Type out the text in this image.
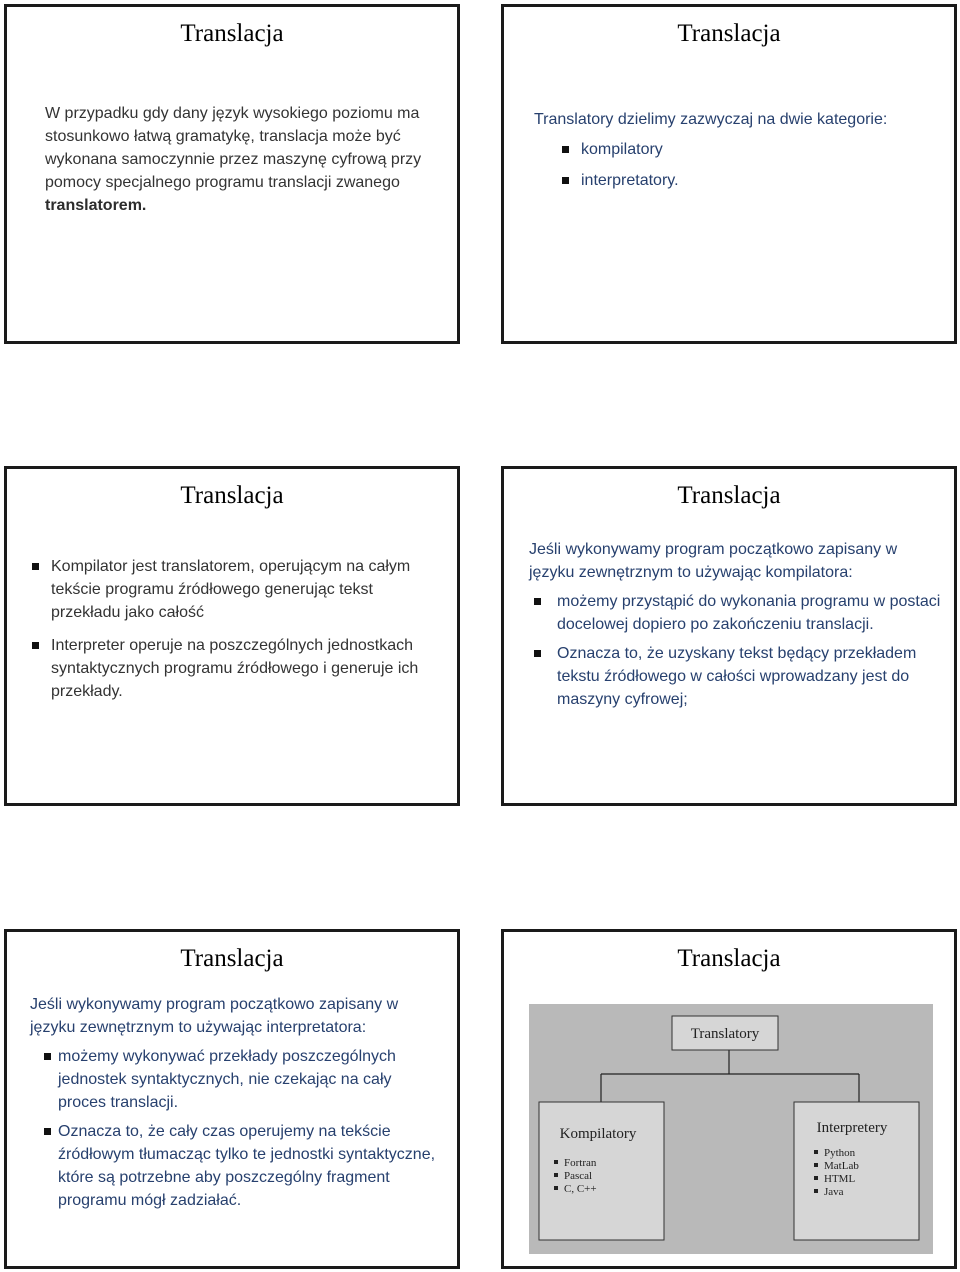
Translacja

W przypadku gdy dany język wysokiego poziomu ma stosunkowo łatwą gramatykę, translacja może być wykonana samoczynnie przez maszynę cyfrową przy pomocy specjalnego programu translacji zwanego translatorem.

Translacja

Translatory dzielimy zazwyczaj na dwie kategorie:

kompilatory
interpretatory.
Translacja
Kompilator jest translatorem, operującym na całym tekście programu źródłowego generując tekst przekładu jako całość
Interpreter operuje na poszczególnych jednostkach syntaktycznych programu źródłowego i generuje ich przekłady.
Translacja

Jeśli wykonywamy program początkowo zapisany w języku zewnętrznym to używając kompilatora:

możemy przystąpić do wykonania programu w postaci docelowej dopiero po zakończeniu translacji.
Oznacza to, że uzyskany tekst będący przekładem tekstu źródłowego w całości wprowadzany jest do maszyny cyfrowej;
Translacja

Jeśli wykonywamy program początkowo zapisany w języku zewnętrznym to używając interpretatora:

możemy wykonywać przekłady poszczególnych jednostek syntaktycznych, nie czekając na cały proces translacji.
Oznacza to, że cały czas operujemy na tekście źródłowym tłumacząc tylko te jednostki syntaktyczne, które są potrzebne aby poszczególny fragment programu mógł zadziałać.
Translacja
Translatory
Kompilatory
Fortran
Pascal
C, C++
Interpretery
Python
MatLab
HTML
Java
